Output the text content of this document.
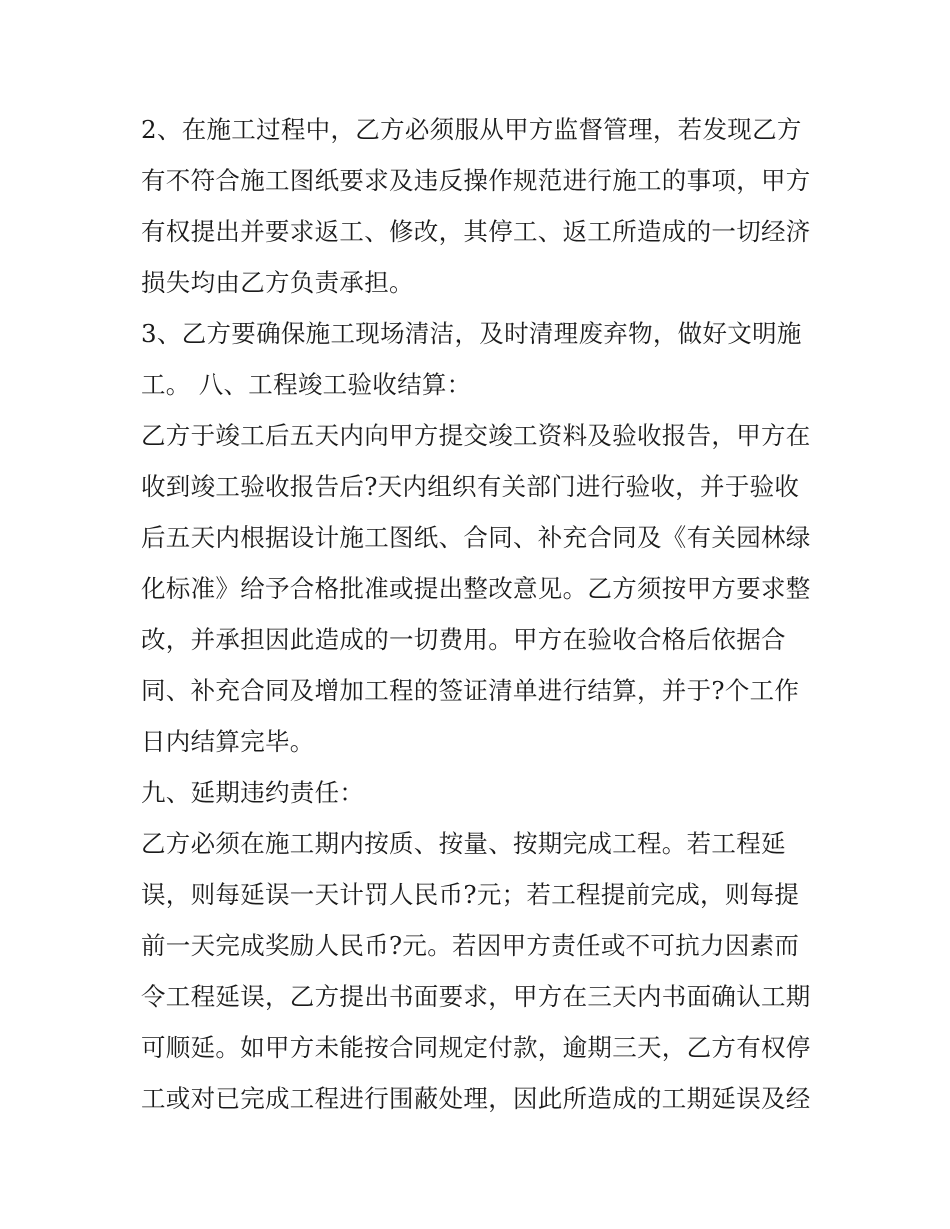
2、在施工过程中，乙方必须服从甲方监督管理，若发现乙方
有不符合施工图纸要求及违反操作规范进行施工的事项，甲方
有权提出并要求返工、修改，其停工、返工所造成的一切经济
损失均由乙方负责承担。
3、乙方要确保施工现场清洁，及时清理废弃物，做好文明施
工。 八、工程竣工验收结算：
乙方于竣工后五天内向甲方提交竣工资料及验收报告，甲方在
收到竣工验收报告后?天内组织有关部门进行验收，并于验收
后五天内根据设计施工图纸、合同、补充合同及《有关园林绿
化标准》给予合格批准或提出整改意见。乙方须按甲方要求整
改，并承担因此造成的一切费用。甲方在验收合格后依据合
同、补充合同及增加工程的签证清单进行结算，并于?个工作
日内结算完毕。
九、延期违约责任：
乙方必须在施工期内按质、按量、按期完成工程。若工程延
误，则每延误一天计罚人民币?元；若工程提前完成，则每提
前一天完成奖励人民币?元。若因甲方责任或不可抗力因素而
令工程延误，乙方提出书面要求，甲方在三天内书面确认工期
可顺延。如甲方未能按合同规定付款，逾期三天，乙方有权停
工或对已完成工程进行围蔽处理，因此所造成的工期延误及经
